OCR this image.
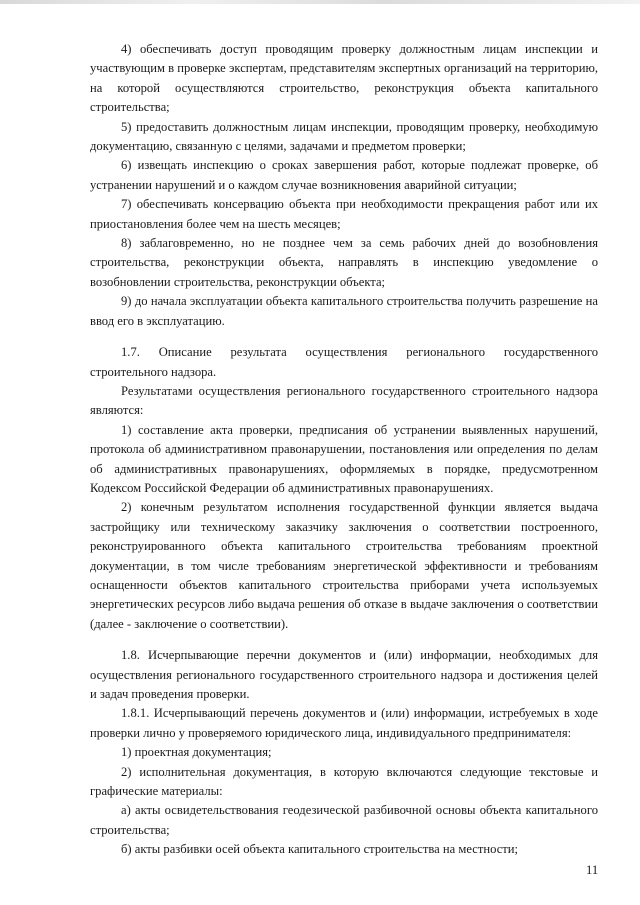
4) обеспечивать доступ проводящим проверку должностным лицам инспекции и участвующим в проверке экспертам, представителям экспертных организаций на территорию, на которой осуществляются строительство, реконструкция объекта капитального строительства;

5) предоставить должностным лицам инспекции, проводящим проверку, необходимую документацию, связанную с целями, задачами и предметом проверки;

6) извещать инспекцию о сроках завершения работ, которые подлежат проверке, об устранении нарушений и о каждом случае возникновения аварийной ситуации;

7) обеспечивать консервацию объекта при необходимости прекращения работ или их приостановления более чем на шесть месяцев;

8) заблаговременно, но не позднее чем за семь рабочих дней до возобновления строительства, реконструкции объекта, направлять в инспекцию уведомление о возобновлении строительства, реконструкции объекта;

9) до начала эксплуатации объекта капитального строительства получить разрешение на ввод его в эксплуатацию.

1.7. Описание результата осуществления регионального государственного строительного надзора.

Результатами осуществления регионального государственного строительного надзора являются:

1) составление акта проверки, предписания об устранении выявленных нарушений, протокола об административном правонарушении, постановления или определения по делам об административных правонарушениях, оформляемых в порядке, предусмотренном Кодексом Российской Федерации об административных правонарушениях.

2) конечным результатом исполнения государственной функции является выдача застройщику или техническому заказчику заключения о соответствии построенного, реконструированного объекта капитального строительства требованиям проектной документации, в том числе требованиям энергетической эффективности и требованиям оснащенности объектов капитального строительства приборами учета используемых энергетических ресурсов либо выдача решения об отказе в выдаче заключения о соответствии (далее - заключение о соответствии).

1.8. Исчерпывающие перечни документов и (или) информации, необходимых для осуществления регионального государственного строительного надзора и достижения целей и задач проведения проверки.

1.8.1. Исчерпывающий перечень документов и (или) информации, истребуемых в ходе проверки лично у проверяемого юридического лица, индивидуального предпринимателя:

1) проектная документация;

2) исполнительная документация, в которую включаются следующие текстовые и графические материалы:

а) акты освидетельствования геодезической разбивочной основы объекта капитального строительства;

б) акты разбивки осей объекта капитального строительства на местности;

11
